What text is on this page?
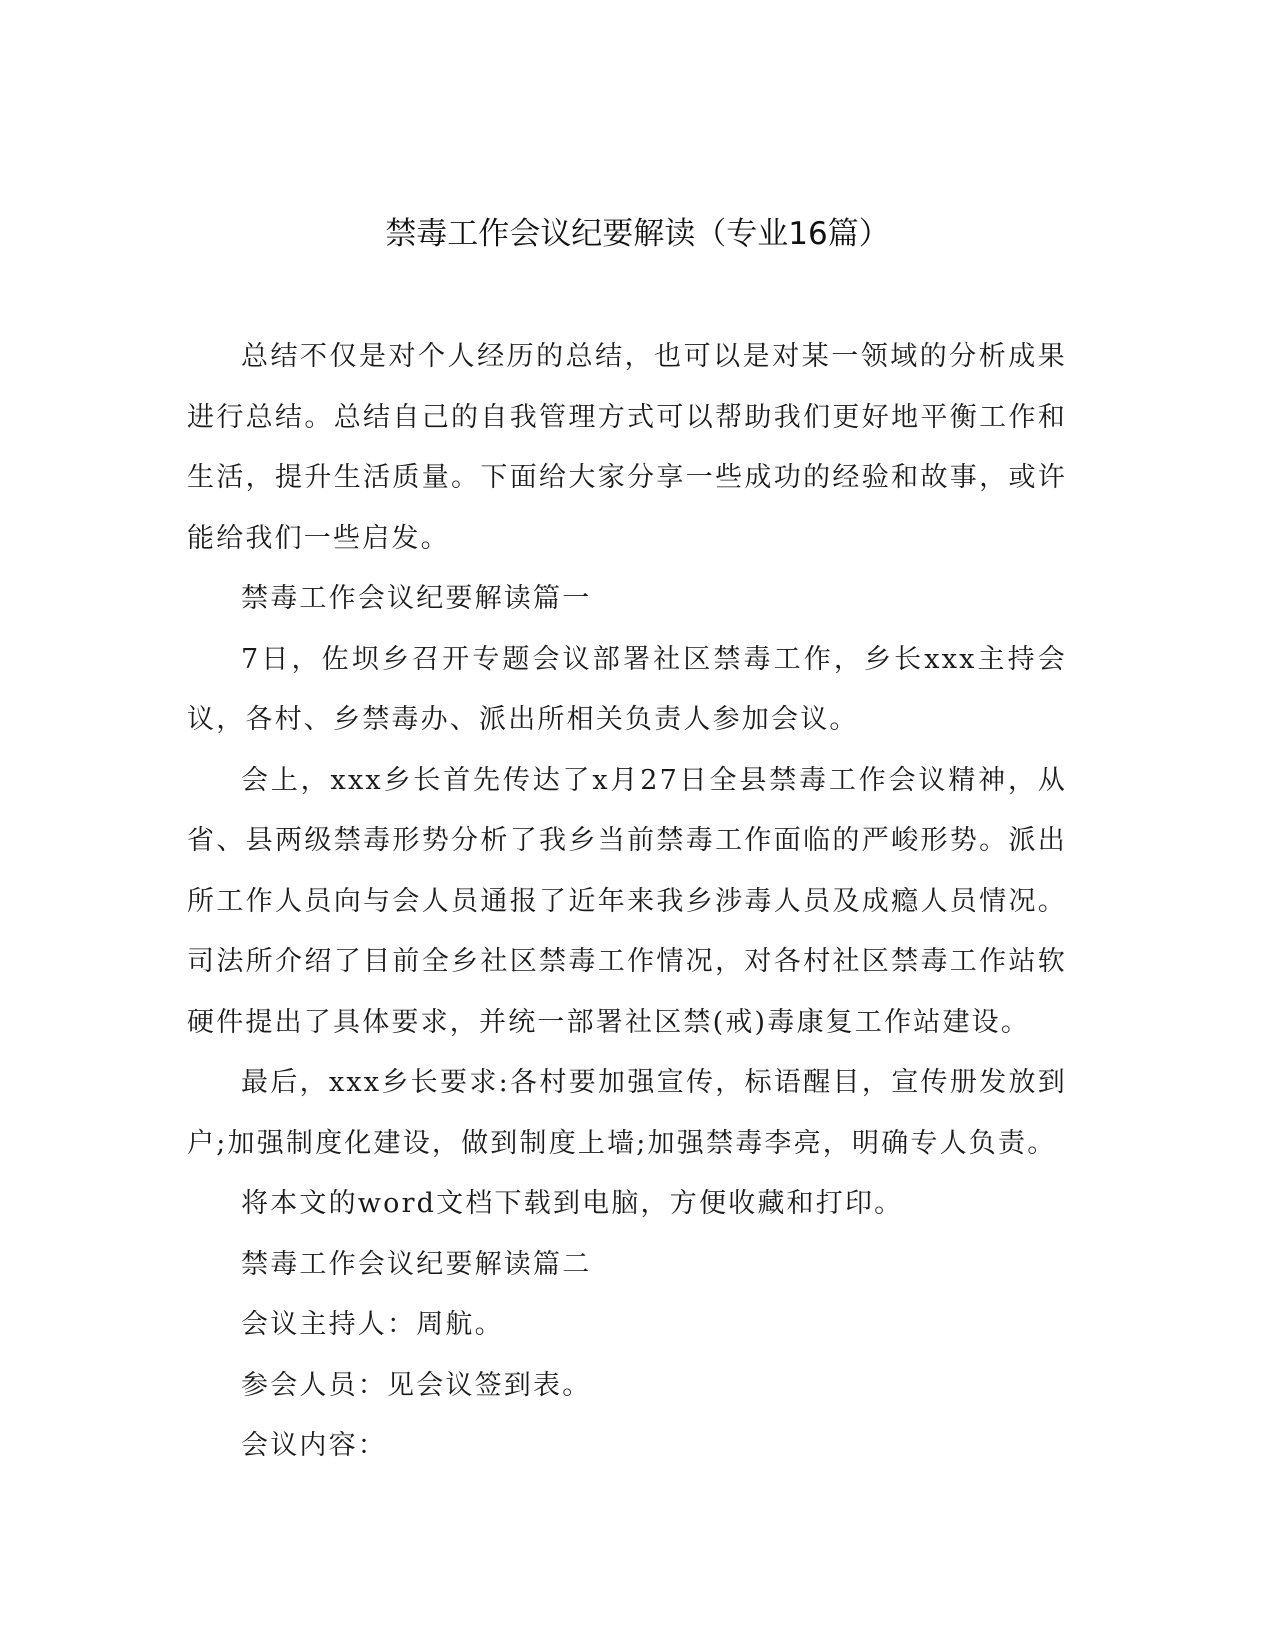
禁毒工作会议纪要解读（专业16篇）

总结不仅是对个人经历的总结，也可以是对某一领域的分析成果进行总结。总结自己的自我管理方式可以帮助我们更好地平衡工作和生活，提升生活质量。下面给大家分享一些成功的经验和故事，或许能给我们一些启发。

禁毒工作会议纪要解读篇一

7日，佐坝乡召开专题会议部署社区禁毒工作，乡长xxx主持会议，各村、乡禁毒办、派出所相关负责人参加会议。

会上，xxx乡长首先传达了x月27日全县禁毒工作会议精神，从省、县两级禁毒形势分析了我乡当前禁毒工作面临的严峻形势。派出所工作人员向与会人员通报了近年来我乡涉毒人员及成瘾人员情况。司法所介绍了目前全乡社区禁毒工作情况，对各村社区禁毒工作站软硬件提出了具体要求，并统一部署社区禁(戒)毒康复工作站建设。

最后，xxx乡长要求:各村要加强宣传，标语醒目，宣传册发放到户;加强制度化建设，做到制度上墙;加强禁毒李亮，明确专人负责。

将本文的word文档下载到电脑，方便收藏和打印。

禁毒工作会议纪要解读篇二

会议主持人：周航。

参会人员：见会议签到表。

会议内容：
